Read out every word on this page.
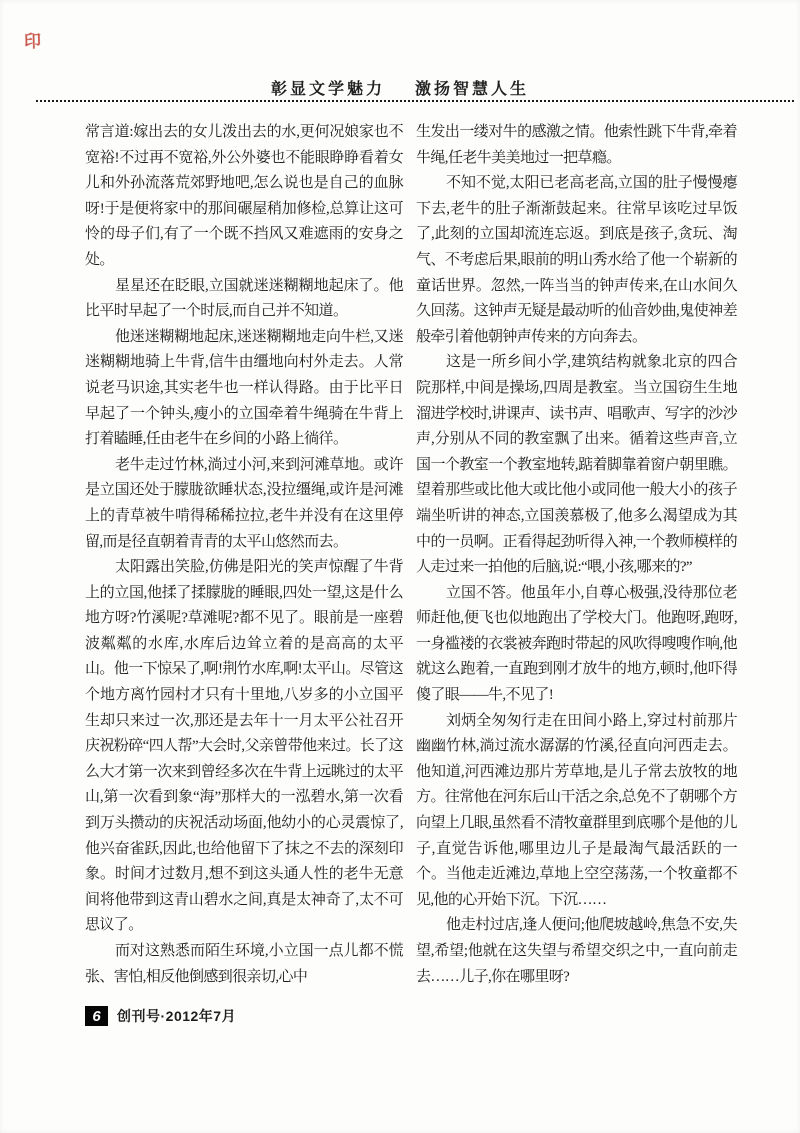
印
彰显文学魅力 激扬智慧人生

常言道:嫁出去的女儿泼出去的水,更何况娘家也不宽裕!不过再不宽裕,外公外婆也不能眼睁睁看着女儿和外孙流落荒郊野地吧,怎么说也是自己的血脉呀!于是便将家中的那间碾屋稍加修检,总算让这可怜的母子们,有了一个既不挡风又难遮雨的安身之处。

星星还在眨眼,立国就迷迷糊糊地起床了。他比平时早起了一个时辰,而自己并不知道。

他迷迷糊糊地起床,迷迷糊糊地走向牛栏,又迷迷糊糊地骑上牛背,信牛由缰地向村外走去。人常说老马识途,其实老牛也一样认得路。由于比平日早起了一个钟头,瘦小的立国牵着牛绳骑在牛背上打着瞌睡,任由老牛在乡间的小路上徜徉。

老牛走过竹林,淌过小河,来到河滩草地。或许是立国还处于朦胧欲睡状态,没拉缰绳,或许是河滩上的青草被牛啃得稀稀拉拉,老牛并没有在这里停留,而是径直朝着青青的太平山悠然而去。

太阳露出笑脸,仿佛是阳光的笑声惊醒了牛背上的立国,他揉了揉朦胧的睡眼,四处一望,这是什么地方呀?竹溪呢?草滩呢?都不见了。眼前是一座碧波粼粼的水库,水库后边耸立着的是高高的太平山。他一下惊呆了,啊!荆竹水库,啊!太平山。尽管这个地方离竹园村才只有十里地,八岁多的小立国平生却只来过一次,那还是去年十一月太平公社召开庆祝粉碎“四人帮”大会时,父亲曾带他来过。长了这么大才第一次来到曾经多次在牛背上远眺过的太平山,第一次看到象“海”那样大的一泓碧水,第一次看到万头攒动的庆祝活动场面,他幼小的心灵震惊了,他兴奋雀跃,因此,也给他留下了抹之不去的深刻印象。时间才过数月,想不到这头通人性的老牛无意间将他带到这青山碧水之间,真是太神奇了,太不可思议了。

而对这熟悉而陌生环境,小立国一点儿都不慌张、害怕,相反他倒感到很亲切,心中

6	创刊号·2012年7月

生发出一缕对牛的感激之情。他索性跳下牛背,牵着牛绳,任老牛美美地过一把草瘾。

不知不觉,太阳已老高老高,立国的肚子慢慢瘪下去,老牛的肚子渐渐鼓起来。往常早该吃过早饭了,此刻的立国却流连忘返。到底是孩子,贪玩、淘气、不考虑后果,眼前的明山秀水给了他一个崭新的童话世界。忽然,一阵当当的钟声传来,在山水间久久回荡。这钟声无疑是最动听的仙音妙曲,鬼使神差般牵引着他朝钟声传来的方向奔去。

这是一所乡间小学,建筑结构就象北京的四合院那样,中间是操场,四周是教室。当立国窃生生地溜进学校时,讲课声、读书声、唱歌声、写字的沙沙声,分别从不同的教室飘了出来。循着这些声音,立国一个教室一个教室地转,踮着脚靠着窗户朝里瞧。望着那些或比他大或比他小或同他一般大小的孩子端坐听讲的神态,立国羡慕极了,他多么渴望成为其中的一员啊。正看得起劲听得入神,一个教师模样的人走过来一拍他的后脑,说:“喂,小孩,哪来的?”

立国不答。他虽年小,自尊心极强,没待那位老师赶他,便飞也似地跑出了学校大门。他跑呀,跑呀,一身褴褛的衣裳被奔跑时带起的风吹得嗖嗖作响,他就这么跑着,一直跑到刚才放牛的地方,顿时,他吓得傻了眼——牛,不见了!

刘炳全匆匆行走在田间小路上,穿过村前那片幽幽竹林,淌过流水潺潺的竹溪,径直向河西走去。他知道,河西滩边那片芳草地,是儿子常去放牧的地方。往常他在河东后山干活之余,总免不了朝哪个方向望上几眼,虽然看不清牧童群里到底哪个是他的儿子,直觉告诉他,哪里边儿子是最淘气最活跃的一个。当他走近滩边,草地上空空荡荡,一个牧童都不见,他的心开始下沉。下沉……

他走村过店,逢人便问;他爬坡越岭,焦急不安,失望,希望;他就在这失望与希望交织之中,一直向前走去……儿子,你在哪里呀?
